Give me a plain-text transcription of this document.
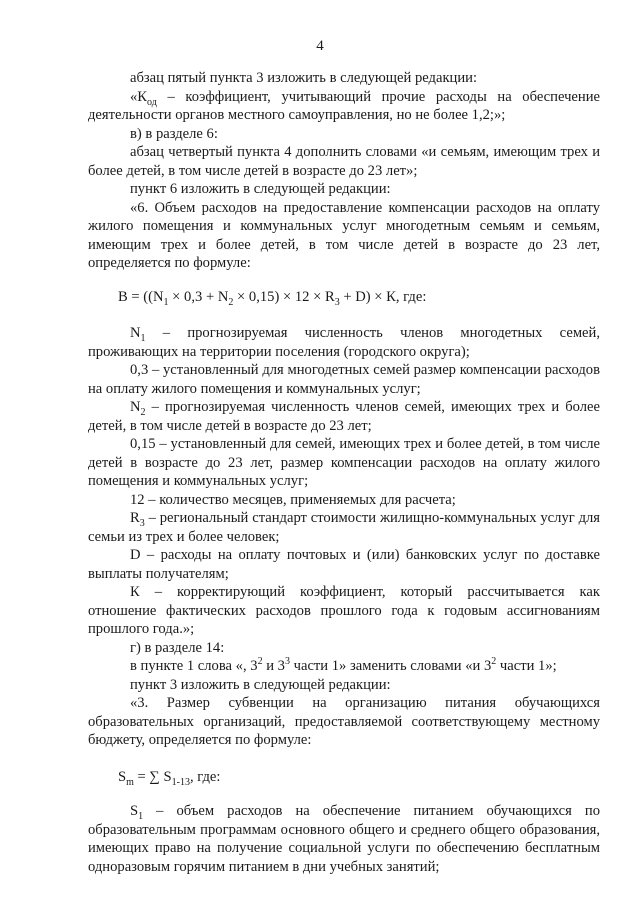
4

абзац пятый пункта 3 изложить в следующей редакции:

«$К_{од}$ – коэффициент, учитывающий прочие расходы на обеспечение деятельности органов местного самоуправления, но не более 1,2;»;

в) в разделе 6:

абзац четвертый пункта 4 дополнить словами «и семьям, имеющим трех и более детей, в том числе детей в возрасте до 23 лет»;

пункт 6 изложить в следующей редакции:

«6. Объем расходов на предоставление компенсации расходов на оплату жилого помещения и коммунальных услуг многодетным семьям и семьям, имеющим трех и более детей, в том числе детей в возрасте до 23 лет, определяется по формуле:

$В = ((N_1 \times 0,3 + N_2 \times 0,15) \times 12 \times R_3 + D) \times К$, где:

$N_1$ – прогнозируемая численность членов многодетных семей, проживающих на территории поселения (городского округа);

0,3 – установленный для многодетных семей размер компенсации расходов на оплату жилого помещения и коммунальных услуг;

$N_2$ – прогнозируемая численность членов семей, имеющих трех и более детей, в том числе детей в возрасте до 23 лет;

0,15 – установленный для семей, имеющих трех и более детей, в том числе детей в возрасте до 23 лет, размер компенсации расходов на оплату жилого помещения и коммунальных услуг;

12 – количество месяцев, применяемых для расчета;

$R_3$ – региональный стандарт стоимости жилищно-коммунальных услуг для семьи из трех и более человек;

D – расходы на оплату почтовых и (или) банковских услуг по доставке выплаты получателям;

К – корректирующий коэффициент, который рассчитывается как отношение фактических расходов прошлого года к годовым ассигнованиям прошлого года.»;

г) в разделе 14:

в пункте 1 слова «, $3^2$ и $3^3$ части 1» заменить словами «и $3^2$ части 1»;

пункт 3 изложить в следующей редакции:

«3. Размер субвенции на организацию питания обучающихся образовательных организаций, предоставляемой соответствующему местному бюджету, определяется по формуле:

$S_m$ = ∑ $S_{1-13}$, где:

$S_1$ – объем расходов на обеспечение питанием обучающихся по образовательным программам основного общего и среднего общего образования, имеющих право на получение социальной услуги по обеспечению бесплатным одноразовым горячим питанием в дни учебных занятий;
